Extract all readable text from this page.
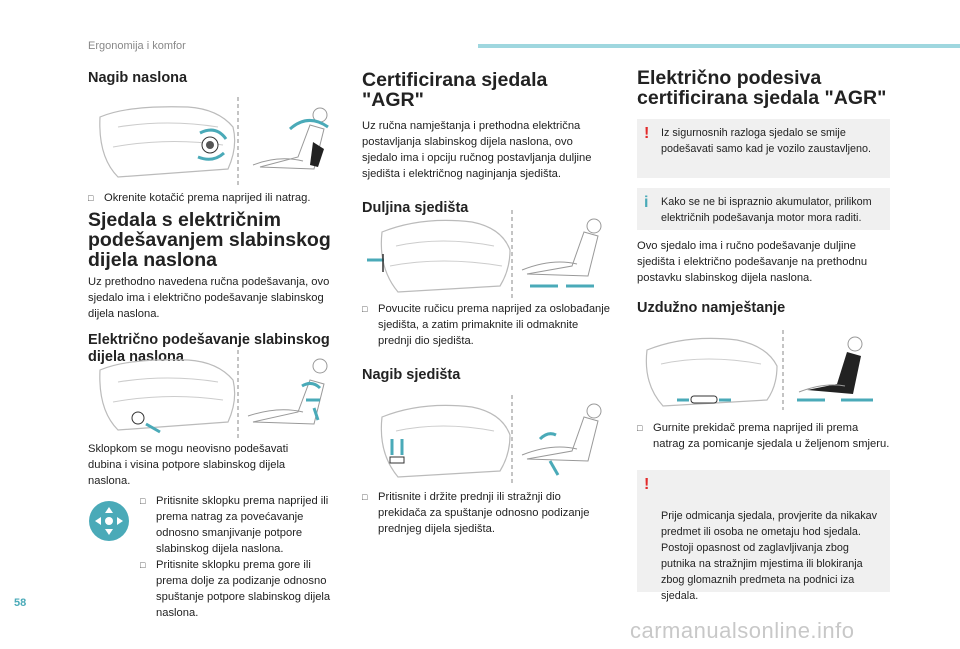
Ergonomija i komfor
Nagib naslona
□ Okrenite kotačić prema naprijed ili natrag.
Sjedala s električnim podešavanjem slabinskog dijela naslona

Uz prethodno navedena ručna podešavanja, ovo sjedalo ima i električno podešavanje slabinskog dijela naslona.

Električno podešavanje slabinskog dijela naslona

Sklopkom se mogu neovisno podešavati dubina i visina potpore slabinskog dijela naslona.

□ Pritisnite sklopku prema naprijed ili prema natrag za povećavanje odnosno smanjivanje potpore slabinskog dijela naslona.
□ Pritisnite sklopku prema gore ili prema dolje za podizanje odnosno spuštanje potpore slabinskog dijela naslona.
Certificirana sjedala "AGR"

Uz ručna namještanja i prethodna električna postavljanja slabinskog dijela naslona, ovo sjedalo ima i opciju ručnog postavljanja duljine sjedišta i električnog naginjanja sjedišta.

Duljina sjedišta
□ Povucite ručicu prema naprijed za oslobađanje sjedišta, a zatim primaknite ili odmaknite prednji dio sjedišta.
Nagib sjedišta
□ Pritisnite i držite prednji ili stražnji dio prekidača za spuštanje odnosno podizanje prednjeg dijela sjedišta.
Električno podesiva certificirana sjedala "AGR"
! Iz sigurnosnih razloga sjedalo se smije podešavati samo kad je vozilo zaustavljeno.
i Kako se ne bi ispraznio akumulator, prilikom električnih podešavanja motor mora raditi.

Ovo sjedalo ima i ručno podešavanje duljine sjedišta i električno podešavanje na prethodnu postavku slabinskog dijela naslona.

Uzdužno namještanje
□ Gurnite prekidač prema naprijed ili prema natrag za pomicanje sjedala u željenom smjeru.

!

Prije odmicanja sjedala, provjerite da nikakav predmet ili osoba ne ometaju hod sjedala.
Postoji opasnost od zaglavljivanja zbog putnika na stražnjim mjestima ili blokiranja zbog glomaznih predmeta na podnici iza sjedala.

58
carmanualsonline.info
